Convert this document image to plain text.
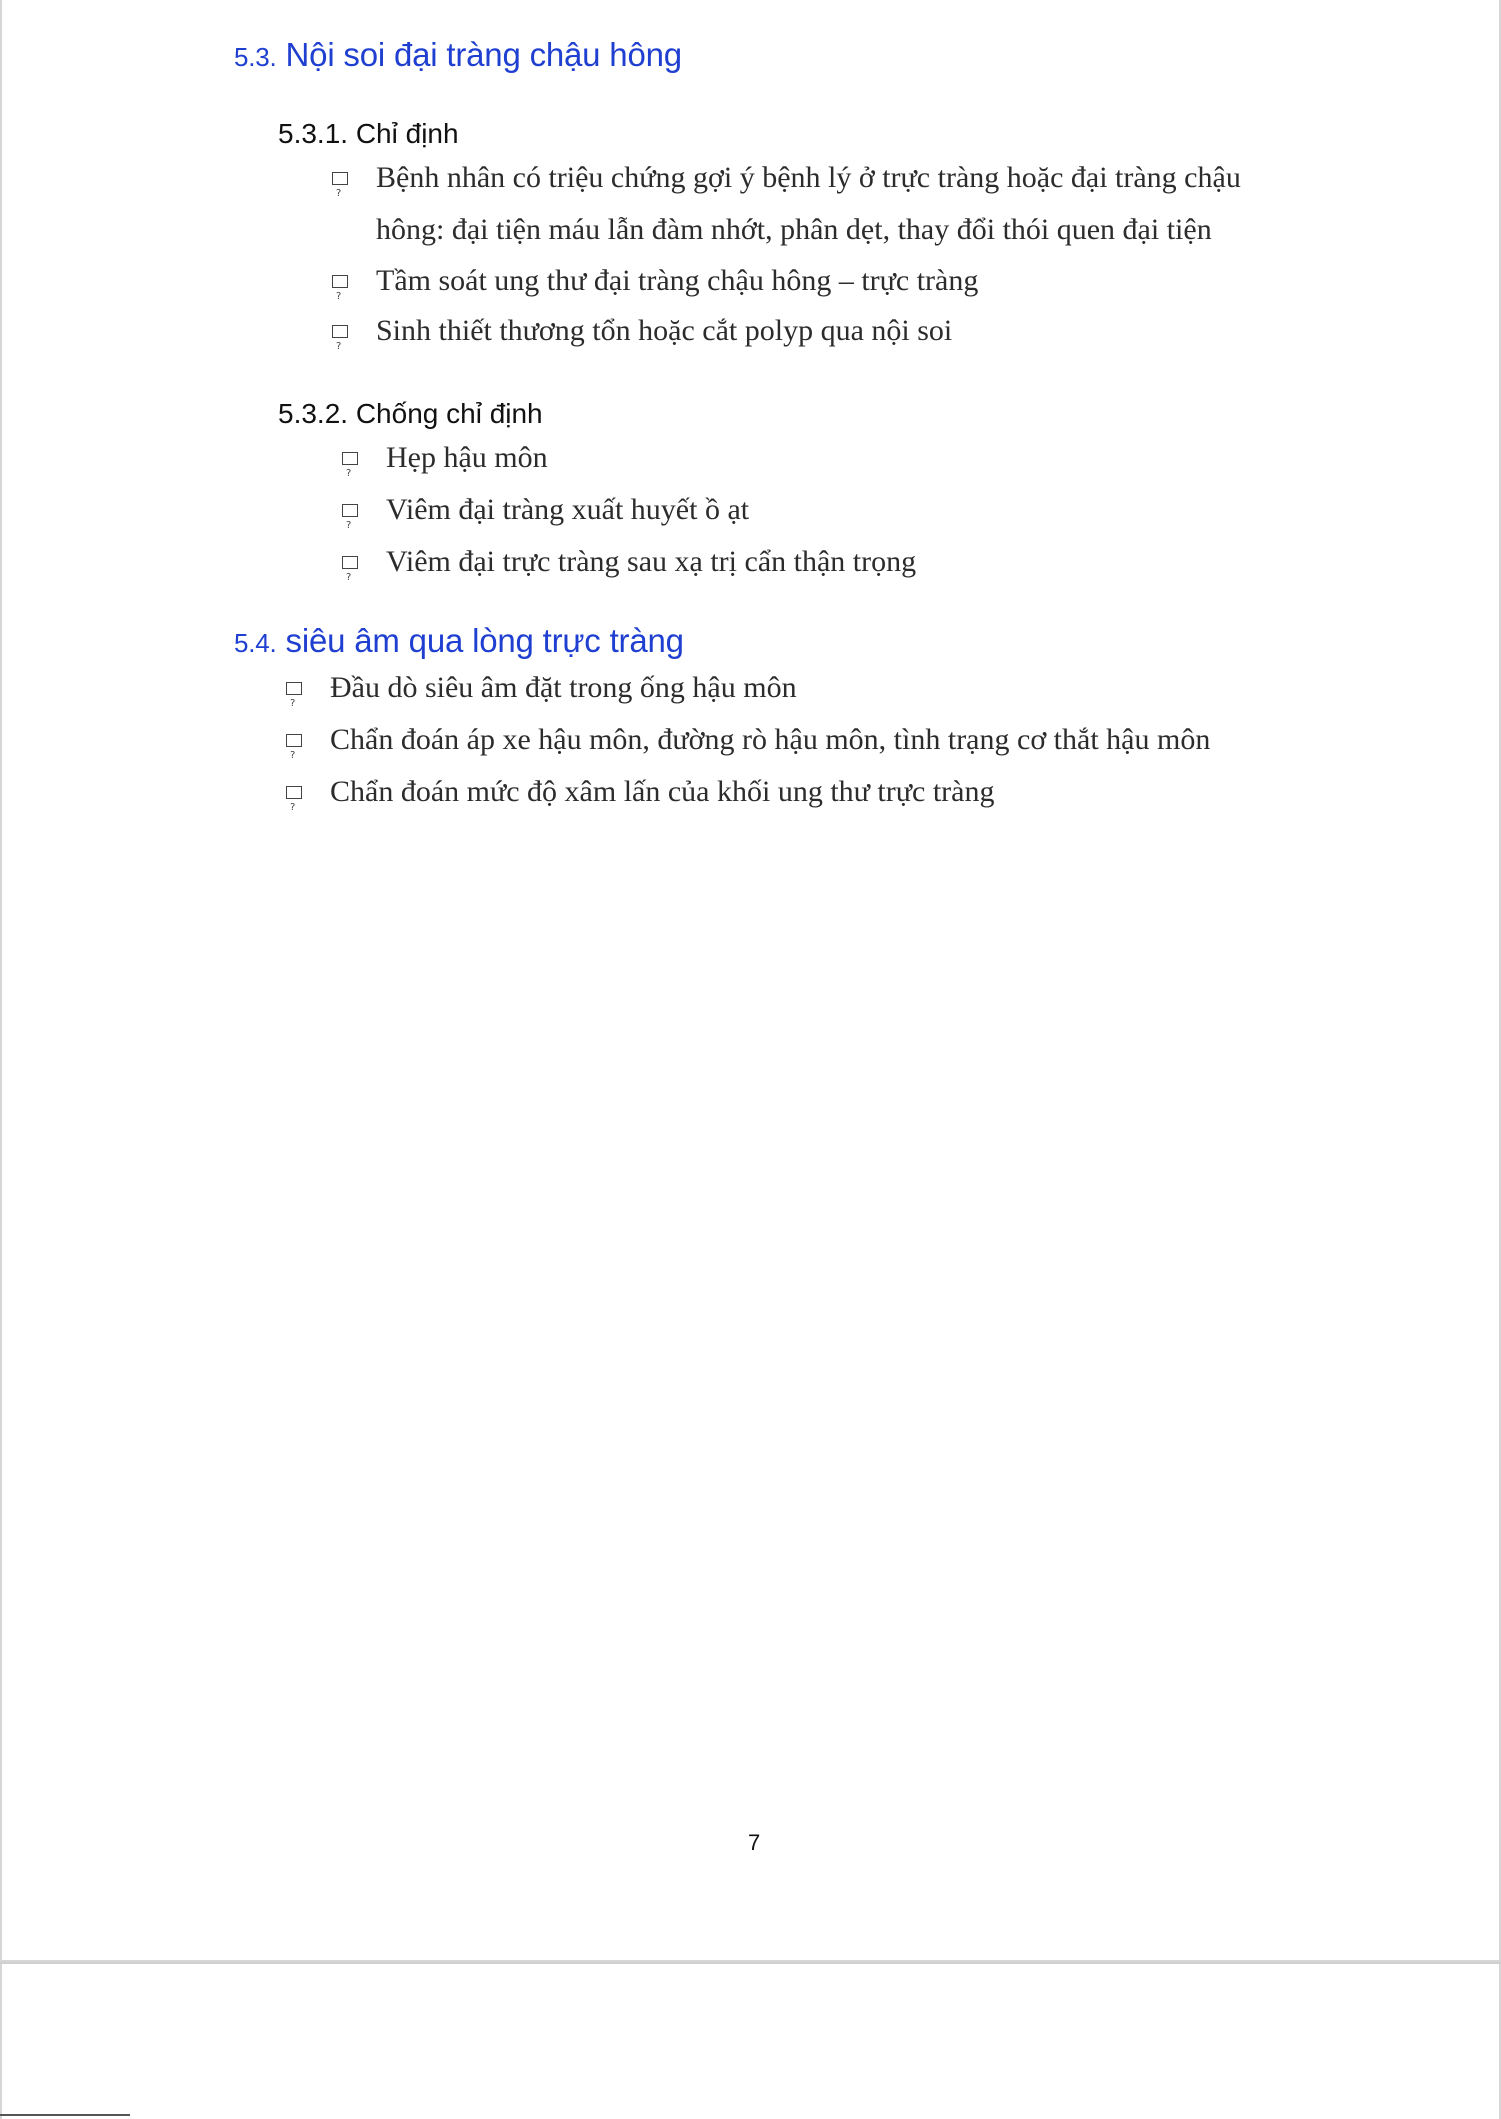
5.3. Nội soi đại tràng chậu hông
5.3.1. Chỉ định
?
Bệnh nhân có triệu chứng gợi ý bệnh lý ở trực tràng hoặc đại tràng chậu
hông: đại tiện máu lẫn đàm nhớt, phân dẹt, thay đổi thói quen đại tiện
?
Tầm soát ung thư đại tràng chậu hông – trực tràng
?
Sinh thiết thương tổn hoặc cắt polyp qua nội soi
5.3.2. Chống chỉ định
?
Hẹp hậu môn
?
Viêm đại tràng xuất huyết ồ ạt
?
Viêm đại trực tràng sau xạ trị cẩn thận trọng
5.4. siêu âm qua lòng trực tràng
?
Đầu dò siêu âm đặt trong ống hậu môn
?
Chẩn đoán áp xe hậu môn, đường rò hậu môn, tình trạng cơ thắt hậu môn
?
Chẩn đoán mức độ xâm lấn của khối ung thư trực tràng
7
